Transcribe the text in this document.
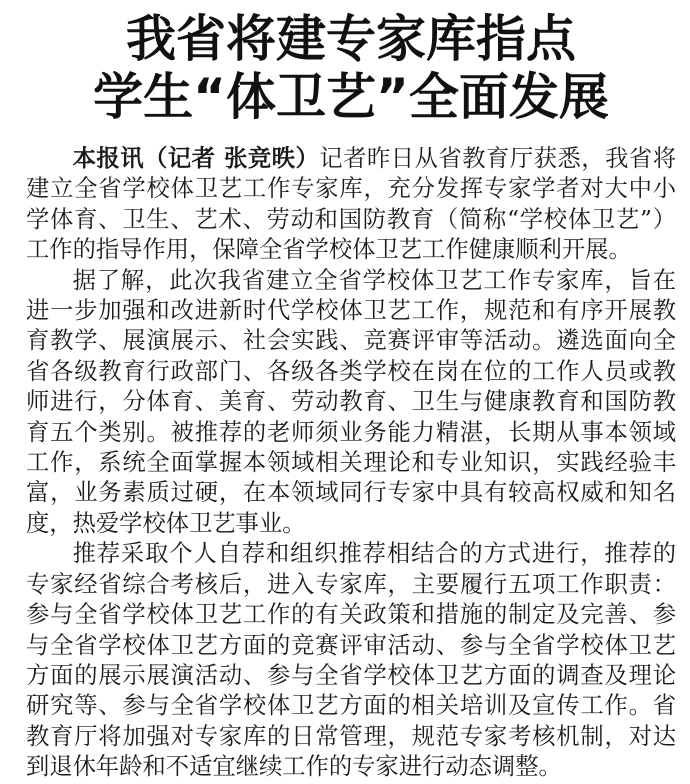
我省将建专家库指点
学生“体卫艺”全面发展

本报讯（记者 张竞昳）记者昨日从省教育厅获悉，我省将建立全省学校体卫艺工作专家库，充分发挥专家学者对大中小学体育、卫生、艺术、劳动和国防教育（简称“学校体卫艺”）工作的指导作用，保障全省学校体卫艺工作健康顺利开展。

据了解，此次我省建立全省学校体卫艺工作专家库，旨在进一步加强和改进新时代学校体卫艺工作，规范和有序开展教育教学、展演展示、社会实践、竞赛评审等活动。遴选面向全省各级教育行政部门、各级各类学校在岗在位的工作人员或教师进行，分体育、美育、劳动教育、卫生与健康教育和国防教育五个类别。被推荐的老师须业务能力精湛，长期从事本领域工作，系统全面掌握本领域相关理论和专业知识，实践经验丰富，业务素质过硬，在本领域同行专家中具有较高权威和知名度，热爱学校体卫艺事业。

推荐采取个人自荐和组织推荐相结合的方式进行，推荐的专家经省综合考核后，进入专家库，主要履行五项工作职责：参与全省学校体卫艺工作的有关政策和措施的制定及完善、参与全省学校体卫艺方面的竞赛评审活动、参与全省学校体卫艺方面的展示展演活动、参与全省学校体卫艺方面的调查及理论研究等、参与全省学校体卫艺方面的相关培训及宣传工作。省教育厅将加强对专家库的日常管理，规范专家考核机制，对达到退休年龄和不适宜继续工作的专家进行动态调整。
